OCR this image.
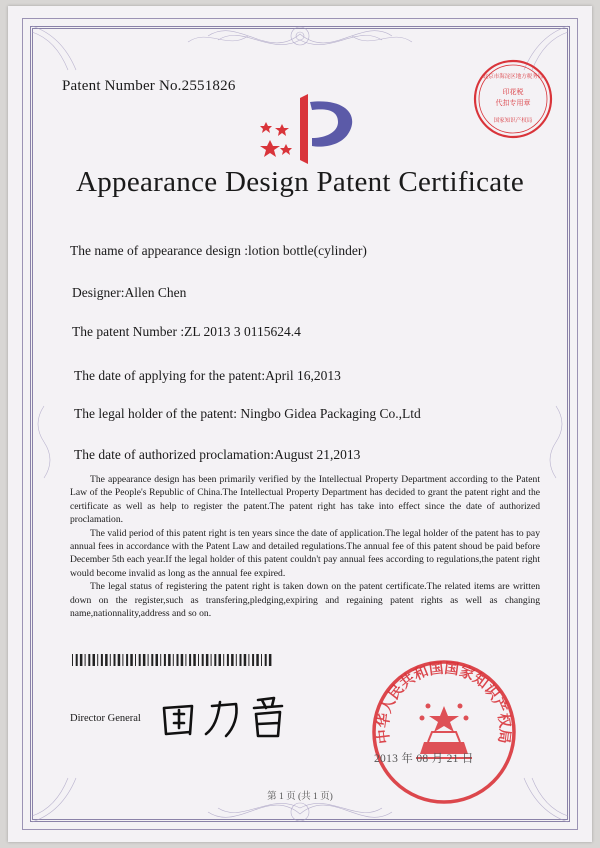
Patent Number No.2551826	印花税
代扣专用章
北京市海淀区地方税务局
国家知识产权局
Appearance Design Patent Certificate
The name of appearance design :lotion bottle(cylinder)
Designer:Allen Chen
The patent Number :ZL 2013 3 0115624.4
The date of applying for the patent:April 16,2013
The legal holder of the patent: Ningbo Gidea Packaging Co.,Ltd
The date of authorized proclamation:August 21,2013

The appearance design has been primarily verified by the Intellectual Property Department according to the Patent Law of the People's Republic of China.The Intellectual Property Department has decided to grant the patent right and the certificate as well as help to register the patent.The patent right has take into effect since the date of authorized proclamation.

The valid period of this patent right is ten years since the date of application.The legal holder of the patent has to pay annual fees in accordance with the Patent Law and detailed regulations.The annual fee of this patent shoud be paid before December 5th each year.If the legal holder of this patent couldn't pay annual fees according to regulations,the patent right would become invalid as long as the annual fee expired.

The legal status of registering the patent right is taken down on the patent certificate.The related items are written down on the register,such as transfering,pledging,expiring and regaining patent rights as well as changing name,nationnality,address and so on.

Director General
中华人民共和国国家知识产权局
2013 年 08 月 21 日
第 1 页 (共 1 页)
